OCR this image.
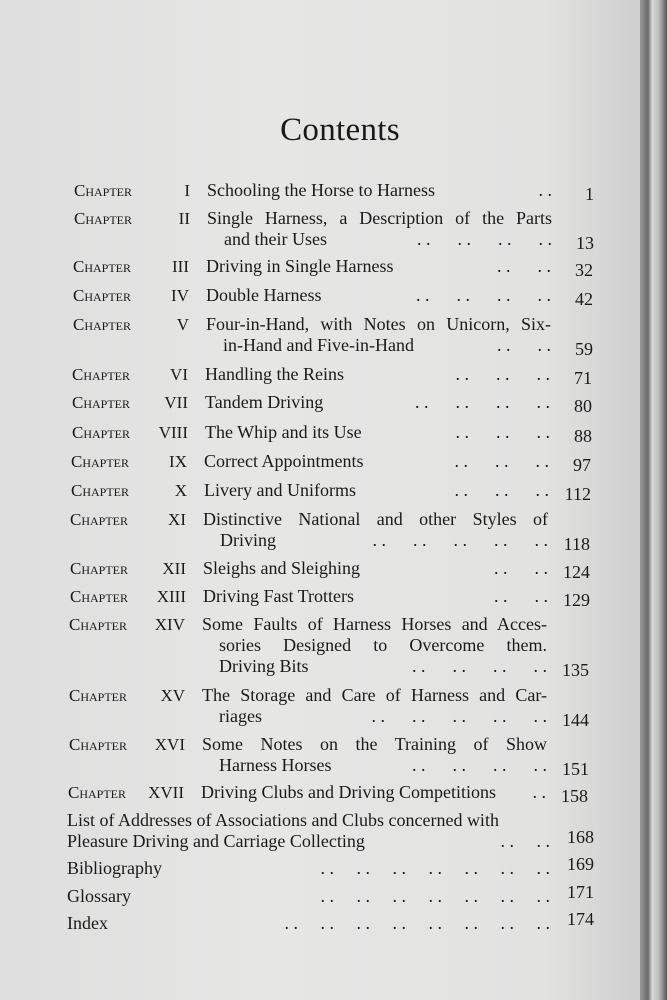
Contents
Chapter	I Schooling the Horse to Harness	. .	1
Chapter	II Single Harness, a Description of the Parts
and their Uses	. .      . .      . .      . .	13
Chapter	III Driving in Single Harness	. .      . .	32
Chapter	IV Double Harness	. .      . .      . .      . .	42
Chapter	V Four-in-Hand, with Notes on Unicorn, Six-
in-Hand and Five-in-Hand	. .      . .	59
Chapter	VI Handling the Reins	. .      . .      . .	71
Chapter	VII Tandem Driving	. .      . .      . .      . .	80
Chapter	VIII The Whip and its Use	. .      . .      . .	88
Chapter	IX Correct Appointments	. .      . .      . .	97
Chapter	X Livery and Uniforms	. .      . .      . . 112
Chapter	XI Distinctive National and other Styles of
Driving	. .      . .      . .      . .      . . 118
Chapter	XII Sleighs and Sleighing	. .      . . 124
Chapter	XIII Driving Fast Trotters	. .      . . 129
Chapter	XIV Some Faults of Harness Horses and Acces-
sories Designed to Overcome them.
Driving Bits	. .      . .      . .      . . 135
Chapter	XV The Storage and Care of Harness and Car-
riages	. .      . .      . .      . .      . . 144
Chapter	XVI Some Notes on the Training of Show
Harness Horses	. .      . .      . .      . . 151
Chapter XVII Driving Clubs and Driving Competitions . . 158
List of Addresses of Associations and Clubs concerned with
Pleasure Driving and Carriage Collecting	. .     . . 168
Bibliography	. .     . .     . .     . .     . .     . .     . . 169
Glossary	. .     . .     . .     . .     . .     . .     . . 171
Index	. .     . .     . .     . .     . .     . .     . .     . . 174
